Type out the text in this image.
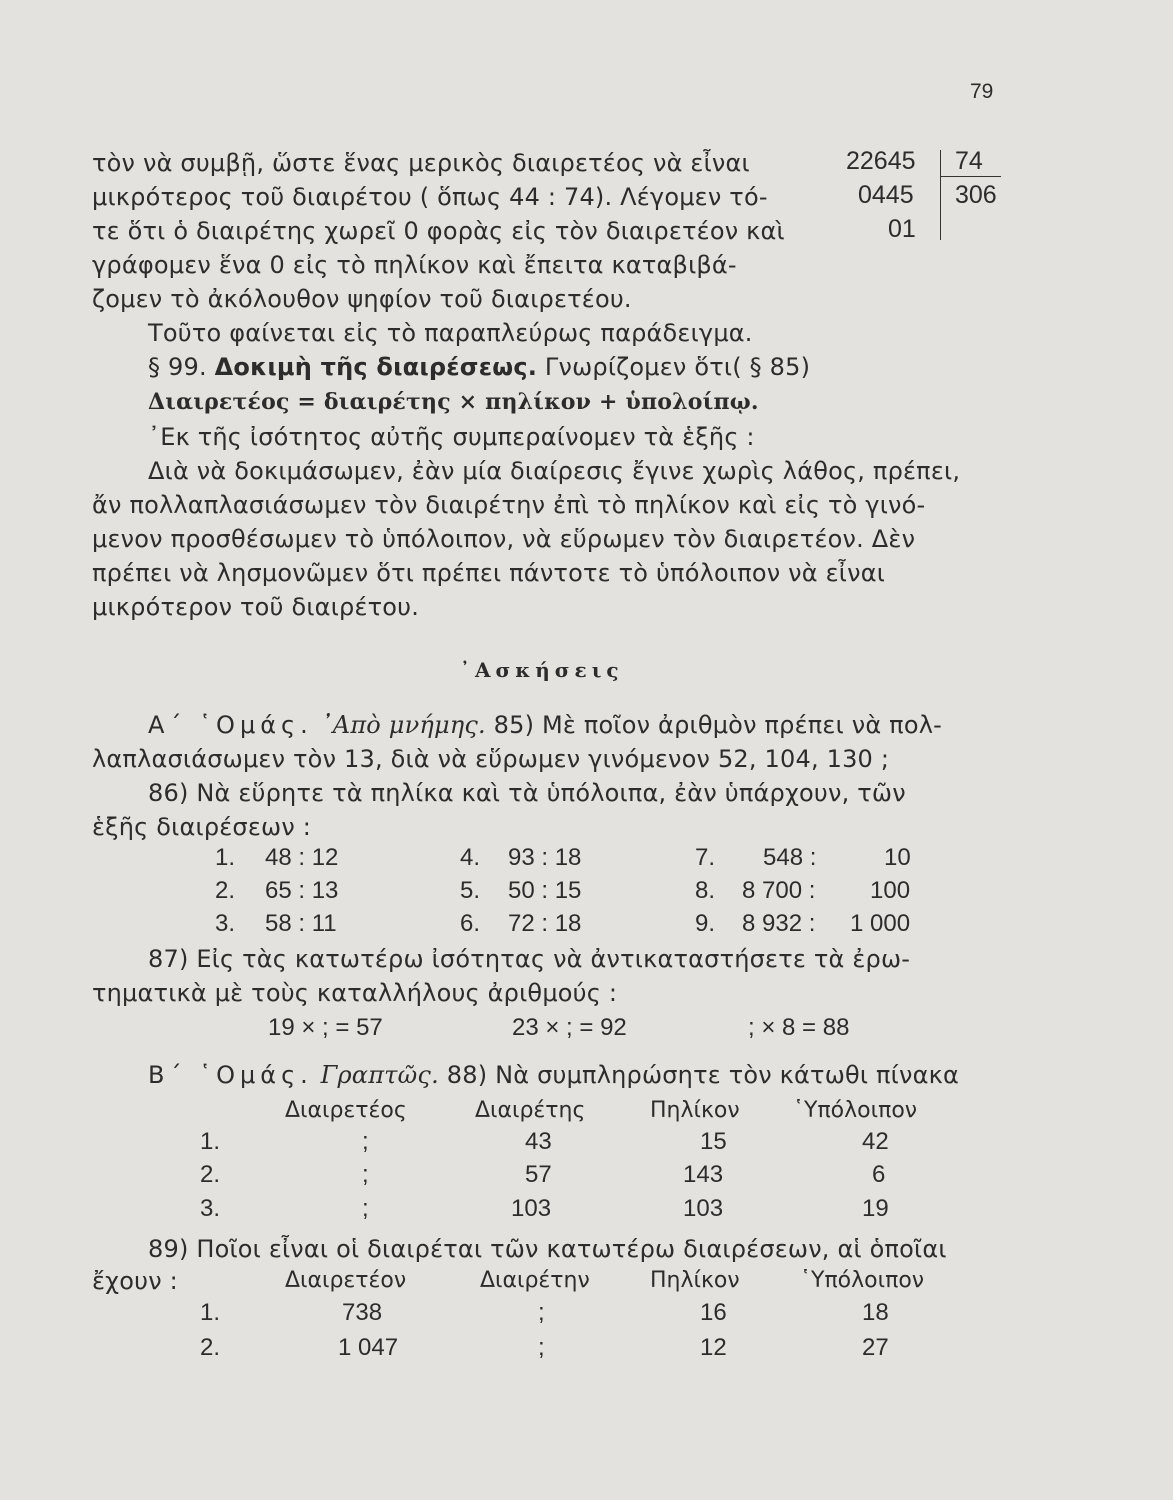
79
22645
0445
01
74
306
τὸν νὰ συμβῇ, ὥστε ἕνας μερικὸς διαιρετέος νὰ εἶναι
μικρότερος τοῦ διαιρέτου ( ὅπως 44 : 74). Λέγομεν τό-
τε ὅτι ὁ διαιρέτης χωρεῖ 0 φορὰς εἰς τὸν διαιρετέον καὶ
γράφομεν ἕνα 0 εἰς τὸ πηλίκον καὶ ἔπειτα καταβιβά-
ζομεν τὸ ἀκόλουθον ψηφίον τοῦ διαιρετέου.
Τοῦτο φαίνεται εἰς τὸ παραπλεύρως παράδειγμα.
§ 99. Δοκιμὴ τῆς διαιρέσεως. Γνωρίζομεν ὅτι( § 85)
Διαιρετέος = διαιρέτης × πηλίκον + ὑπολοίπῳ.
᾿Εκ τῆς ἰσότητος αὐτῆς συμπεραίνομεν τὰ ἑξῆς :
Διὰ νὰ δοκιμάσωμεν, ἐὰν μία διαίρεσις ἔγινε χωρὶς λάθος, πρέπει,
ἄν πολλαπλασιάσωμεν τὸν διαιρέτην ἐπὶ τὸ πηλίκον καὶ εἰς τὸ γινό-
μενον προσθέσωμεν τὸ ὑπόλοιπον, νὰ εὕρωμεν τὸν διαιρετέον. Δὲν
πρέπει νὰ λησμονῶμεν ὅτι πρέπει πάντοτε τὸ ὑπόλοιπον νὰ εἶναι
μικρότερον τοῦ διαιρέτου.
᾿Ασκήσεις
Α΄ ῾Ομάς. ᾿Απὸ μνήμης. 85) Μὲ ποῖον ἀριθμὸν πρέπει νὰ πολ-
λαπλασιάσωμεν τὸν 13, διὰ νὰ εὕρωμεν γινόμενον 52, 104, 130 ;
86) Νὰ εὕρητε τὰ πηλίκα καὶ τὰ ὑπόλοιπα, ἐὰν ὑπάρχουν, τῶν
ἑξῆς διαιρέσεων :
1. 48 : 12	4. 93 : 18	7. 548 :	10
2. 65 : 13	5. 50 : 15	8. 8 700 : 100
3. 58 : 11	6. 72 : 18	9. 8 932 : 1 000
87) Εἰς τὰς κατωτέρω ἰσότητας νὰ ἀντικαταστήσετε τὰ ἐρω-
τηματικὰ μὲ τοὺς καταλλήλους ἀριθμούς :
19 × ; = 57	23 × ; = 92	; × 8 = 88
Β΄ ῾Ομάς. Γραπτῶς. 88) Νὰ συμπληρώσητε τὸν κάτωθι πίνακα
Διαιρετέος	Διαιρέτης	Πηλίκον ῾Υπόλοιπον
1.	;	43	15	42
2.	;	57	143	6
3.	;	103	103	19
89) Ποῖοι εἶναι οἱ διαιρέται τῶν κατωτέρω διαιρέσεων, αἱ ὁποῖαι
ἔχουν :	Διαιρετέον	Διαιρέτην	Πηλίκον	῾Υπόλοιπον
1.	738	;	16	18
2.	1 047	;	12	27
